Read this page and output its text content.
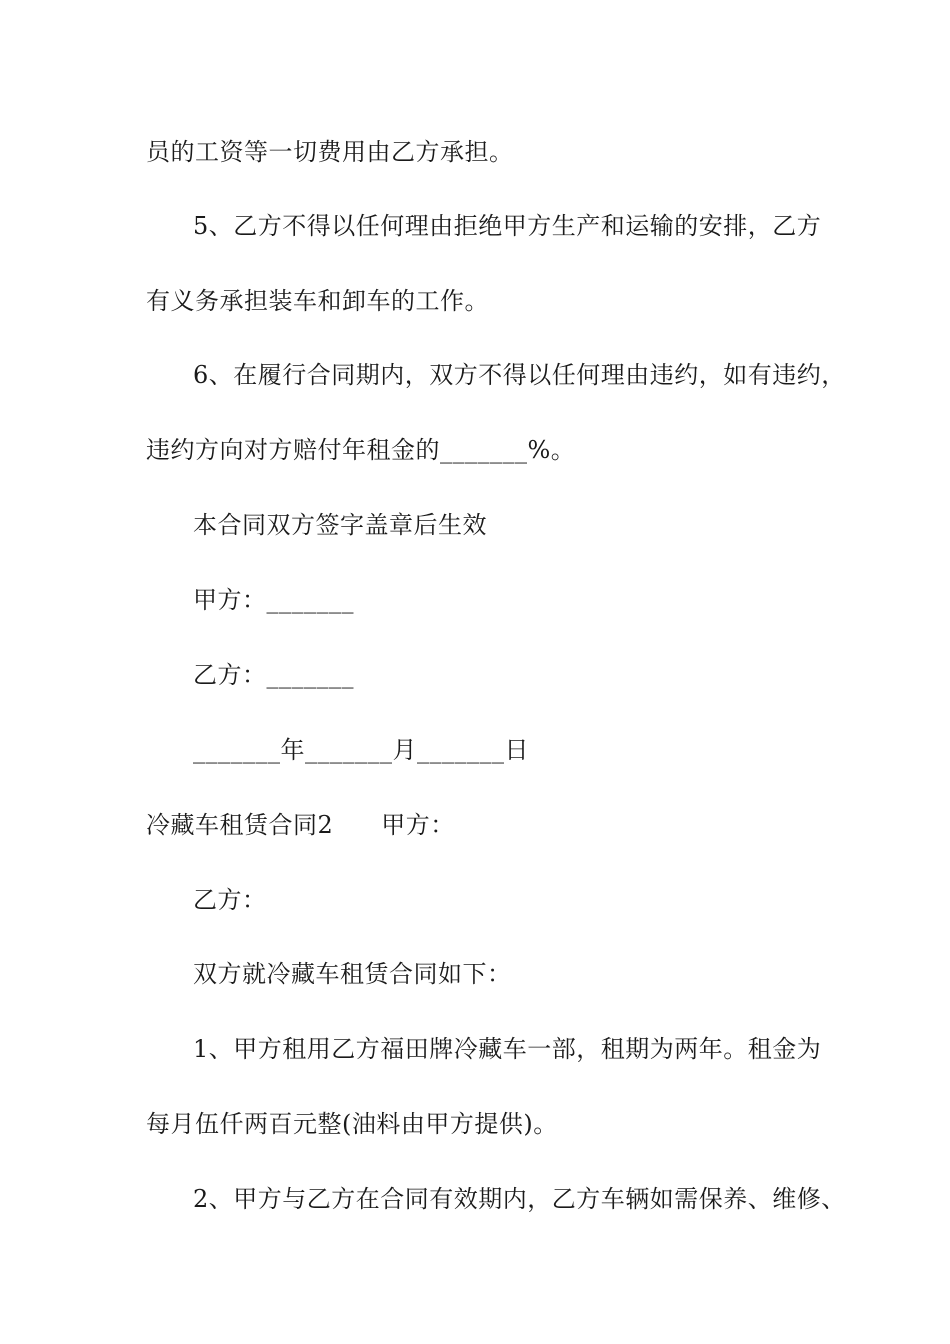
员的工资等一切费用由乙方承担。
5、乙方不得以任何理由拒绝甲方生产和运输的安排，乙方
有义务承担装车和卸车的工作。
6、在履行合同期内，双方不得以任何理由违约，如有违约，
违约方向对方赔付年租金的_______%。
本合同双方签字盖章后生效
甲方：_______
乙方：_______
_______年_______月_______日
冷藏车租赁合同2 甲方：
乙方：
双方就冷藏车租赁合同如下：
1、甲方租用乙方福田牌冷藏车一部，租期为两年。租金为
每月伍仟两百元整(油料由甲方提供)。
2、甲方与乙方在合同有效期内，乙方车辆如需保养、维修、
